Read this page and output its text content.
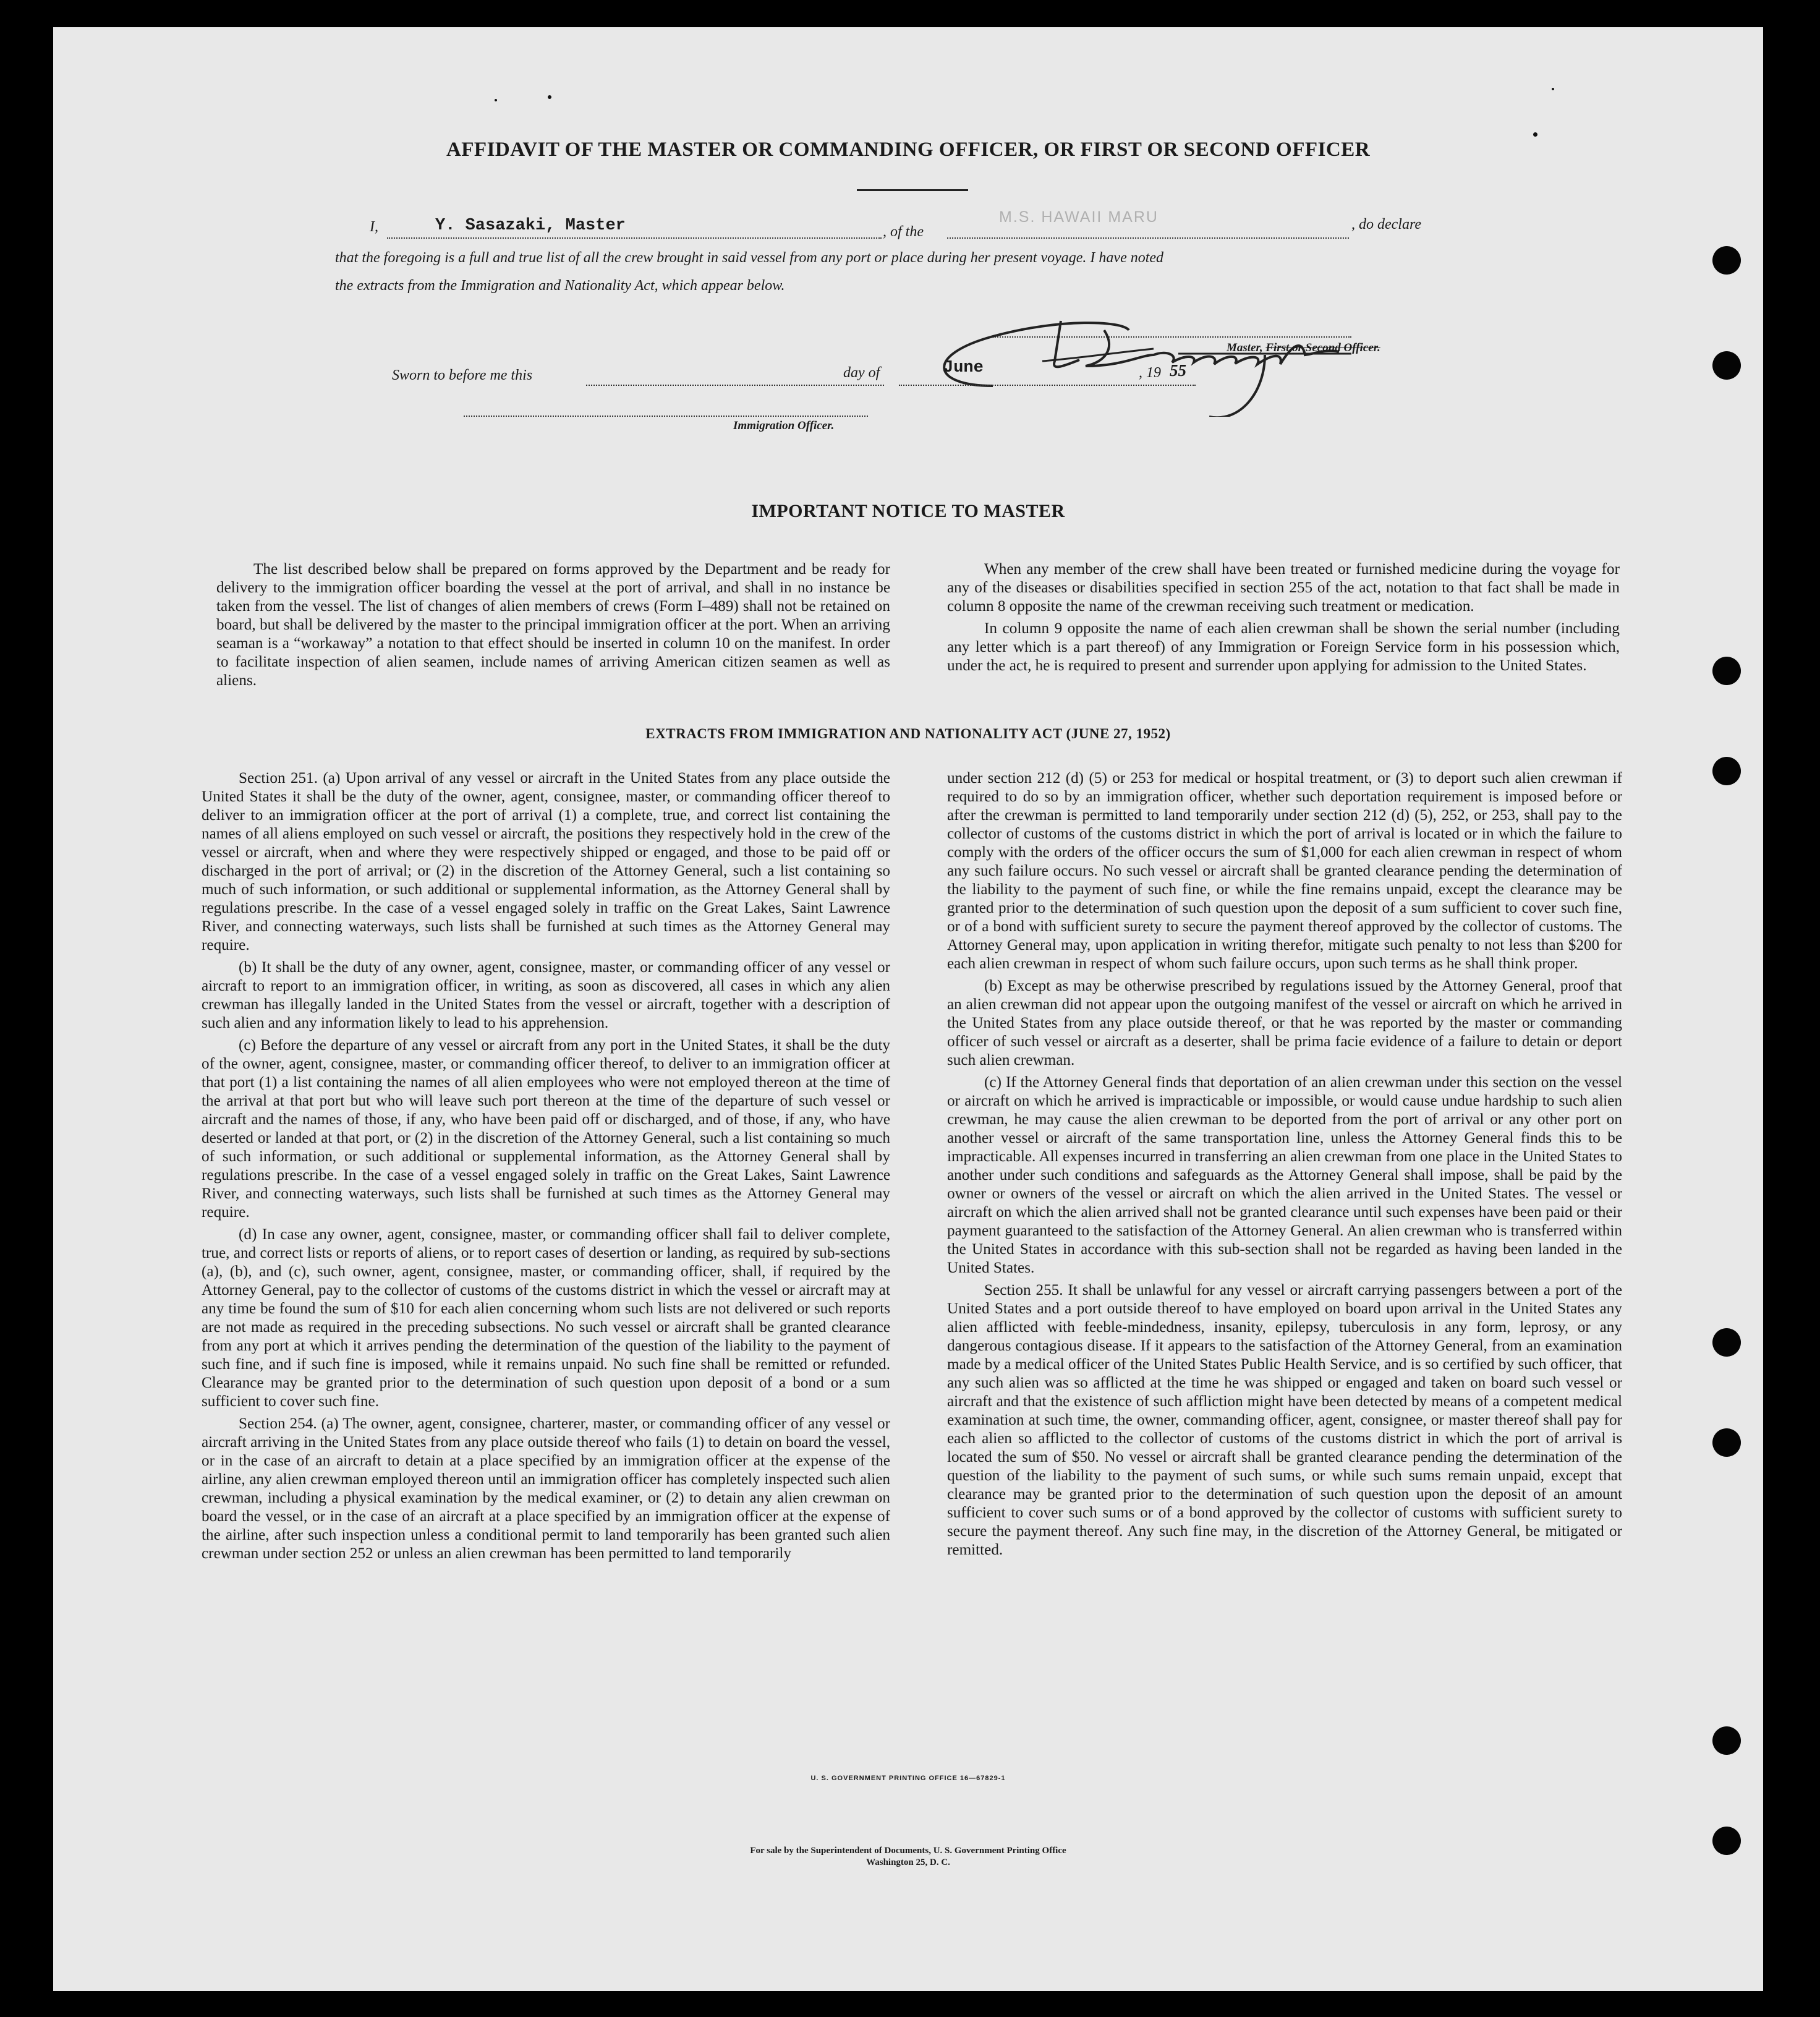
AFFIDAVIT OF THE MASTER OR COMMANDING OFFICER, OR FIRST OR SECOND OFFICER
I,	Y. Sasazaki, Master	, of the
M.S. HAWAII MARU	, do declare
that the foregoing is a full and true list of all the crew brought in said vessel from any port or place during her present voyage. I have noted
the extracts from the Immigration and Nationality Act, which appear below.
Master, First or Second Officer.
Sworn to before me this	day of	June	, 19 55
Immigration Officer.
IMPORTANT NOTICE TO MASTER

The list described below shall be prepared on forms approved by the Department and be ready for delivery to the immigration officer boarding the vessel at the port of arrival, and shall in no instance be taken from the vessel. The list of changes of alien members of crews (Form I–489) shall not be retained on board, but shall be delivered by the master to the principal immigration officer at the port. When an arriving seaman is a “workaway” a notation to that effect should be inserted in column 10 on the manifest. In order to facilitate inspection of alien seamen, include names of arriving American citizen seamen as well as aliens.

When any member of the crew shall have been treated or furnished medicine during the voyage for any of the diseases or disabilities specified in section 255 of the act, notation to that fact shall be made in column 8 opposite the name of the crewman receiving such treatment or medication.

In column 9 opposite the name of each alien crewman shall be shown the serial number (including any letter which is a part thereof) of any Immigration or Foreign Service form in his possession which, under the act, he is required to present and surrender upon applying for admission to the United States.

EXTRACTS FROM IMMIGRATION AND NATIONALITY ACT (JUNE 27, 1952)

Section 251. (a) Upon arrival of any vessel or aircraft in the United States from any place outside the United States it shall be the duty of the owner, agent, consignee, master, or commanding officer thereof to deliver to an immigration officer at the port of arrival (1) a complete, true, and correct list containing the names of all aliens employed on such vessel or aircraft, the positions they respectively hold in the crew of the vessel or aircraft, when and where they were respectively shipped or engaged, and those to be paid off or discharged in the port of arrival; or (2) in the discretion of the Attorney General, such a list containing so much of such information, or such additional or supplemental information, as the Attorney General shall by regulations prescribe. In the case of a vessel engaged solely in traffic on the Great Lakes, Saint Lawrence River, and connecting waterways, such lists shall be furnished at such times as the Attorney General may require.

(b) It shall be the duty of any owner, agent, consignee, master, or commanding officer of any vessel or aircraft to report to an immigration officer, in writing, as soon as discovered, all cases in which any alien crewman has illegally landed in the United States from the vessel or aircraft, together with a description of such alien and any information likely to lead to his apprehension.

(c) Before the departure of any vessel or aircraft from any port in the United States, it shall be the duty of the owner, agent, consignee, master, or commanding officer thereof, to deliver to an immigration officer at that port (1) a list containing the names of all alien employees who were not employed thereon at the time of the arrival at that port but who will leave such port thereon at the time of the departure of such vessel or aircraft and the names of those, if any, who have been paid off or discharged, and of those, if any, who have deserted or landed at that port, or (2) in the discretion of the Attorney General, such a list containing so much of such information, or such additional or supplemental information, as the Attorney General shall by regulations prescribe. In the case of a vessel engaged solely in traffic on the Great Lakes, Saint Lawrence River, and connecting waterways, such lists shall be furnished at such times as the Attorney General may require.

(d) In case any owner, agent, consignee, master, or commanding officer shall fail to deliver complete, true, and correct lists or reports of aliens, or to report cases of desertion or landing, as required by sub-sections (a), (b), and (c), such owner, agent, consignee, master, or commanding officer, shall, if required by the Attorney General, pay to the collector of customs of the customs district in which the vessel or aircraft may at any time be found the sum of $10 for each alien concerning whom such lists are not delivered or such reports are not made as required in the preceding subsections. No such vessel or aircraft shall be granted clearance from any port at which it arrives pending the determination of the question of the liability to the payment of such fine, and if such fine is imposed, while it remains unpaid. No such fine shall be remitted or refunded. Clearance may be granted prior to the determination of such question upon deposit of a bond or a sum sufficient to cover such fine.

Section 254. (a) The owner, agent, consignee, charterer, master, or commanding officer of any vessel or aircraft arriving in the United States from any place outside thereof who fails (1) to detain on board the vessel, or in the case of an aircraft to detain at a place specified by an immigration officer at the expense of the airline, any alien crewman employed thereon until an immigration officer has completely inspected such alien crewman, including a physical examination by the medical examiner, or (2) to detain any alien crewman on board the vessel, or in the case of an aircraft at a place specified by an immigration officer at the expense of the airline, after such inspection unless a conditional permit to land temporarily has been granted such alien crewman under section 252 or unless an alien crewman has been permitted to land temporarily

under section 212 (d) (5) or 253 for medical or hospital treatment, or (3) to deport such alien crewman if required to do so by an immigration officer, whether such deportation requirement is imposed before or after the crewman is permitted to land temporarily under section 212 (d) (5), 252, or 253, shall pay to the collector of customs of the customs district in which the port of arrival is located or in which the failure to comply with the orders of the officer occurs the sum of $1,000 for each alien crewman in respect of whom any such failure occurs. No such vessel or aircraft shall be granted clearance pending the determination of the liability to the payment of such fine, or while the fine remains unpaid, except the clearance may be granted prior to the determination of such question upon the deposit of a sum sufficient to cover such fine, or of a bond with sufficient surety to secure the payment thereof approved by the collector of customs. The Attorney General may, upon application in writing therefor, mitigate such penalty to not less than $200 for each alien crewman in respect of whom such failure occurs, upon such terms as he shall think proper.

(b) Except as may be otherwise prescribed by regulations issued by the Attorney General, proof that an alien crewman did not appear upon the outgoing manifest of the vessel or aircraft on which he arrived in the United States from any place outside thereof, or that he was reported by the master or commanding officer of such vessel or aircraft as a deserter, shall be prima facie evidence of a failure to detain or deport such alien crewman.

(c) If the Attorney General finds that deportation of an alien crewman under this section on the vessel or aircraft on which he arrived is impracticable or impossible, or would cause undue hardship to such alien crewman, he may cause the alien crewman to be deported from the port of arrival or any other port on another vessel or aircraft of the same transportation line, unless the Attorney General finds this to be impracticable. All expenses incurred in transferring an alien crewman from one place in the United States to another under such conditions and safeguards as the Attorney General shall impose, shall be paid by the owner or owners of the vessel or aircraft on which the alien arrived in the United States. The vessel or aircraft on which the alien arrived shall not be granted clearance until such expenses have been paid or their payment guaranteed to the satisfaction of the Attorney General. An alien crewman who is transferred within the United States in accordance with this sub-section shall not be regarded as having been landed in the United States.

Section 255. It shall be unlawful for any vessel or aircraft carrying passengers between a port of the United States and a port outside thereof to have employed on board upon arrival in the United States any alien afflicted with feeble-mindedness, insanity, epilepsy, tuberculosis in any form, leprosy, or any dangerous contagious disease. If it appears to the satisfaction of the Attorney General, from an examination made by a medical officer of the United States Public Health Service, and is so certified by such officer, that any such alien was so afflicted at the time he was shipped or engaged and taken on board such vessel or aircraft and that the existence of such affliction might have been detected by means of a competent medical examination at such time, the owner, commanding officer, agent, consignee, or master thereof shall pay for each alien so afflicted to the collector of customs of the customs district in which the port of arrival is located the sum of $50. No vessel or aircraft shall be granted clearance pending the determination of the question of the liability to the payment of such sums, or while such sums remain unpaid, except that clearance may be granted prior to the determination of such question upon the deposit of an amount sufficient to cover such sums or of a bond approved by the collector of customs with sufficient surety to secure the payment thereof. Any such fine may, in the discretion of the Attorney General, be mitigated or remitted.

U. S. GOVERNMENT PRINTING OFFICE 16—67829-1
For sale by the Superintendent of Documents, U. S. Government Printing Office
Washington 25, D. C.
